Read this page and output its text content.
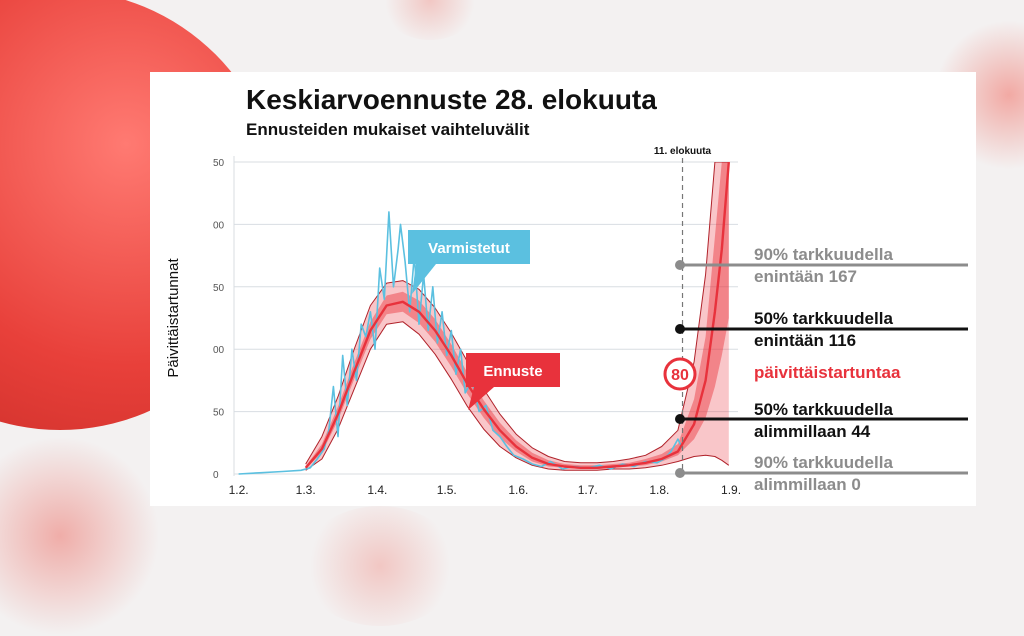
Keskiarvoennuste 28. elokuuta
Ennusteiden mukaiset vaihteluvälit
0
50
00
50
00
50
1.2.	1.3.	1.4.	1.5.	1.6.	1.7.	1.8.	1.9.
Päivittäistartunnat
11. elokuuta
80
Varmistetut
Ennuste
90% tarkkuudella
enintään 167
50% tarkkuudella
enintään 116
päivittäistartuntaa
50% tarkkuudella
alimmillaan 44
90% tarkkuudella
alimmillaan 0
